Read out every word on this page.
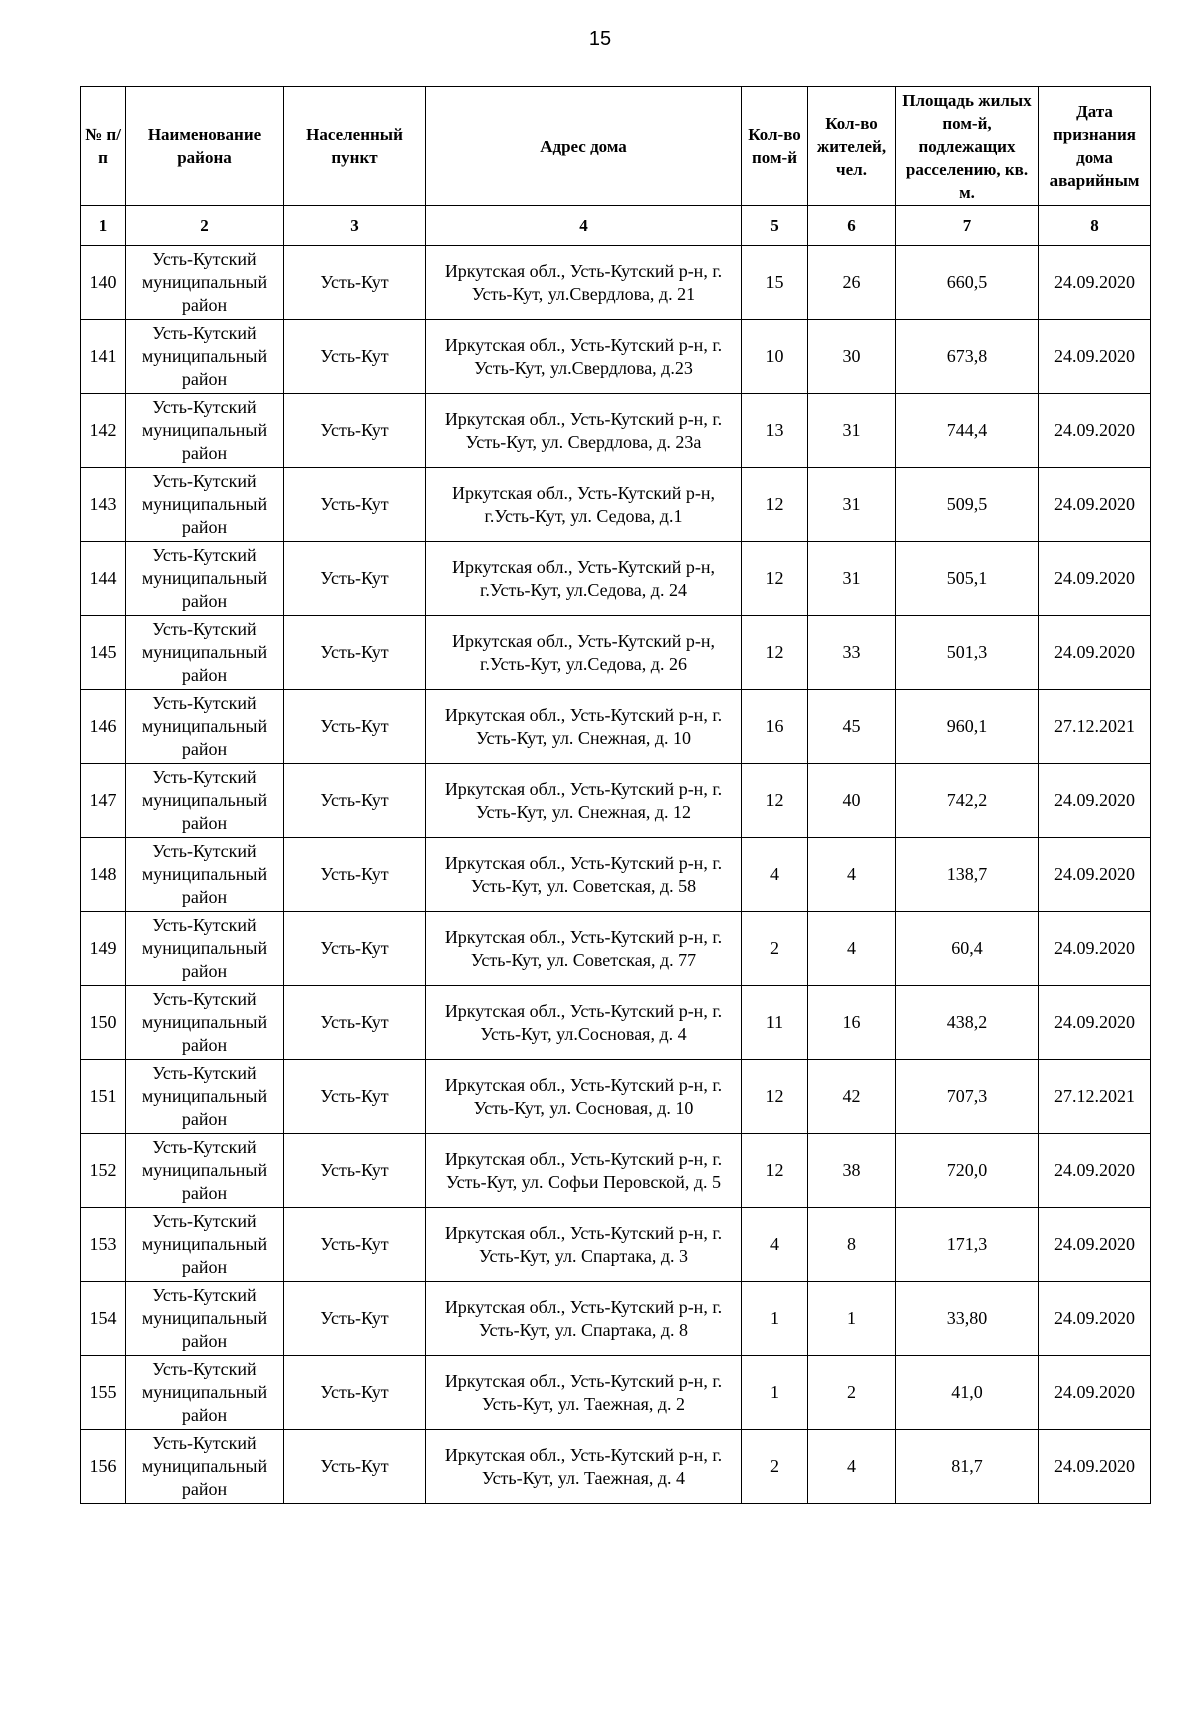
15
№ п/п	Наименование района	Населенный пункт	Адрес дома	Кол-во пом-й	Кол-во жителей, чел.	Площадь жилых пом-й, подлежащих расселению, кв. м.	Дата признания дома аварийным
1	2	3	4	5	6	7	8
140	Усть-Кутский муниципальный район	Усть-Кут	Иркутская обл., Усть-Кутский р-н, г. Усть-Кут, ул.Свердлова, д. 21	15	26	660,5	24.09.2020
141	Усть-Кутский муниципальный район	Усть-Кут	Иркутская обл., Усть-Кутский р-н, г. Усть-Кут, ул.Свердлова, д.23	10	30	673,8	24.09.2020
142	Усть-Кутский муниципальный район	Усть-Кут	Иркутская обл., Усть-Кутский р-н, г. Усть-Кут, ул. Свердлова, д. 23а	13	31	744,4	24.09.2020
143	Усть-Кутский муниципальный район	Усть-Кут	Иркутская обл., Усть-Кутский р-н, г.Усть-Кут, ул. Седова, д.1	12	31	509,5	24.09.2020
144	Усть-Кутский муниципальный район	Усть-Кут	Иркутская обл., Усть-Кутский р-н, г.Усть-Кут, ул.Седова, д. 24	12	31	505,1	24.09.2020
145	Усть-Кутский муниципальный район	Усть-Кут	Иркутская обл., Усть-Кутский р-н, г.Усть-Кут, ул.Седова, д. 26	12	33	501,3	24.09.2020
146	Усть-Кутский муниципальный район	Усть-Кут	Иркутская обл., Усть-Кутский р-н, г. Усть-Кут, ул. Снежная, д. 10	16	45	960,1	27.12.2021
147	Усть-Кутский муниципальный район	Усть-Кут	Иркутская обл., Усть-Кутский р-н, г. Усть-Кут, ул. Снежная, д. 12	12	40	742,2	24.09.2020
148	Усть-Кутский муниципальный район	Усть-Кут	Иркутская обл., Усть-Кутский р-н, г. Усть-Кут, ул. Советская, д. 58	4	4	138,7	24.09.2020
149	Усть-Кутский муниципальный район	Усть-Кут	Иркутская обл., Усть-Кутский р-н, г. Усть-Кут, ул. Советская, д. 77	2	4	60,4	24.09.2020
150	Усть-Кутский муниципальный район	Усть-Кут	Иркутская обл., Усть-Кутский р-н, г. Усть-Кут, ул.Сосновая, д. 4	11	16	438,2	24.09.2020
151	Усть-Кутский муниципальный район	Усть-Кут	Иркутская обл., Усть-Кутский р-н, г. Усть-Кут, ул. Сосновая, д. 10	12	42	707,3	27.12.2021
152	Усть-Кутский муниципальный район	Усть-Кут	Иркутская обл., Усть-Кутский р-н, г. Усть-Кут, ул. Софьи Перовской, д. 5	12	38	720,0	24.09.2020
153	Усть-Кутский муниципальный район	Усть-Кут	Иркутская обл., Усть-Кутский р-н, г. Усть-Кут, ул. Спартака, д. 3	4	8	171,3	24.09.2020
154	Усть-Кутский муниципальный район	Усть-Кут	Иркутская обл., Усть-Кутский р-н, г. Усть-Кут, ул. Спартака, д. 8	1	1	33,80	24.09.2020
155	Усть-Кутский муниципальный район	Усть-Кут	Иркутская обл., Усть-Кутский р-н, г. Усть-Кут, ул. Таежная, д. 2	1	2	41,0	24.09.2020
156	Усть-Кутский муниципальный район	Усть-Кут	Иркутская обл., Усть-Кутский р-н, г. Усть-Кут, ул. Таежная, д. 4	2	4	81,7	24.09.2020
